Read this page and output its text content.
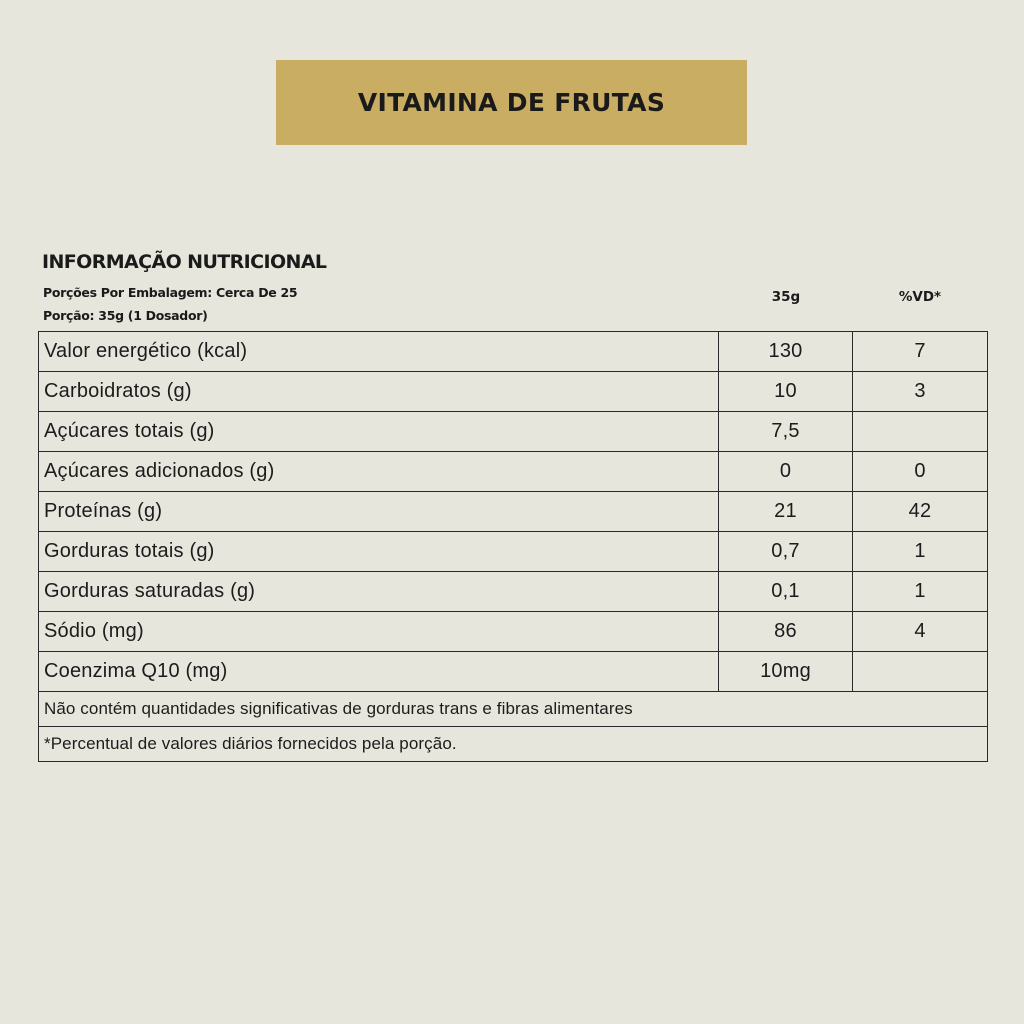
VITAMINA DE FRUTAS
INFORMAÇÃO NUTRICIONAL
Porções Por Embalagem: Cerca De 25
Porção: 35g (1 Dosador)
35g	%VD*
Valor energético (kcal)	130	7
Carboidratos (g)	10	3
Açúcares totais (g)	7,5	
Açúcares adicionados (g)	0	0
Proteínas (g)	21	42
Gorduras totais (g)	0,7	1
Gorduras saturadas (g)	0,1	1
Sódio (mg)	86	4
Coenzima Q10 (mg)	10mg	
Não contém quantidades significativas de gorduras trans e fibras alimentares		
*Percentual de valores diários fornecidos pela porção.		
